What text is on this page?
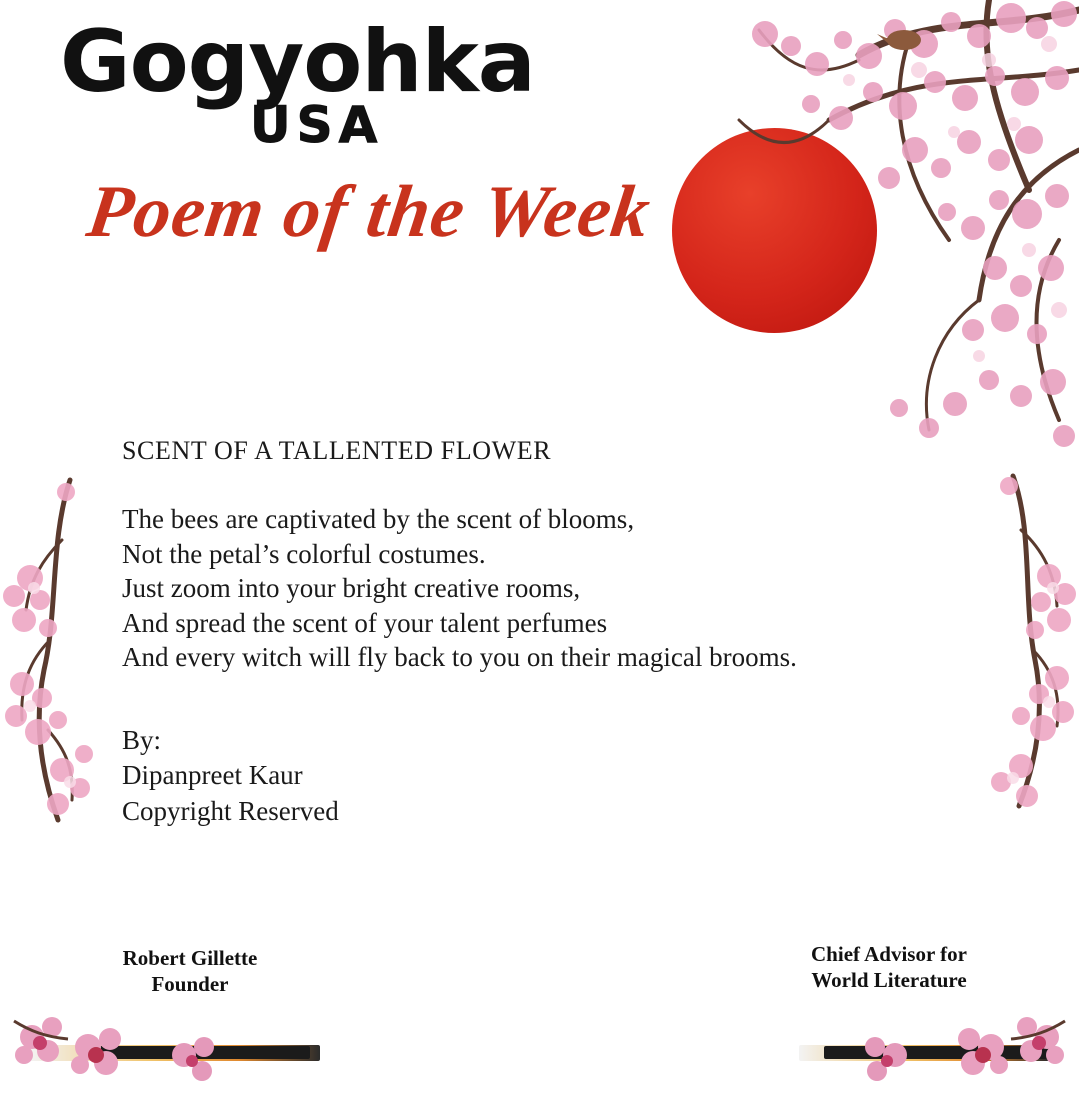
Gogyohka
USA
Poem of the Week
SCENT OF A TALLENTED FLOWER

The bees are captivated by the scent of blooms,

Not the petal’s colorful costumes.

Just zoom into your bright creative rooms,

And spread the scent of your talent perfumes

And every witch will fly back to you on their magical brooms.

By:

Dipanpreet Kaur

Copyright Reserved

Robert Gillette
Founder
Chief Advisor for
World Literature
